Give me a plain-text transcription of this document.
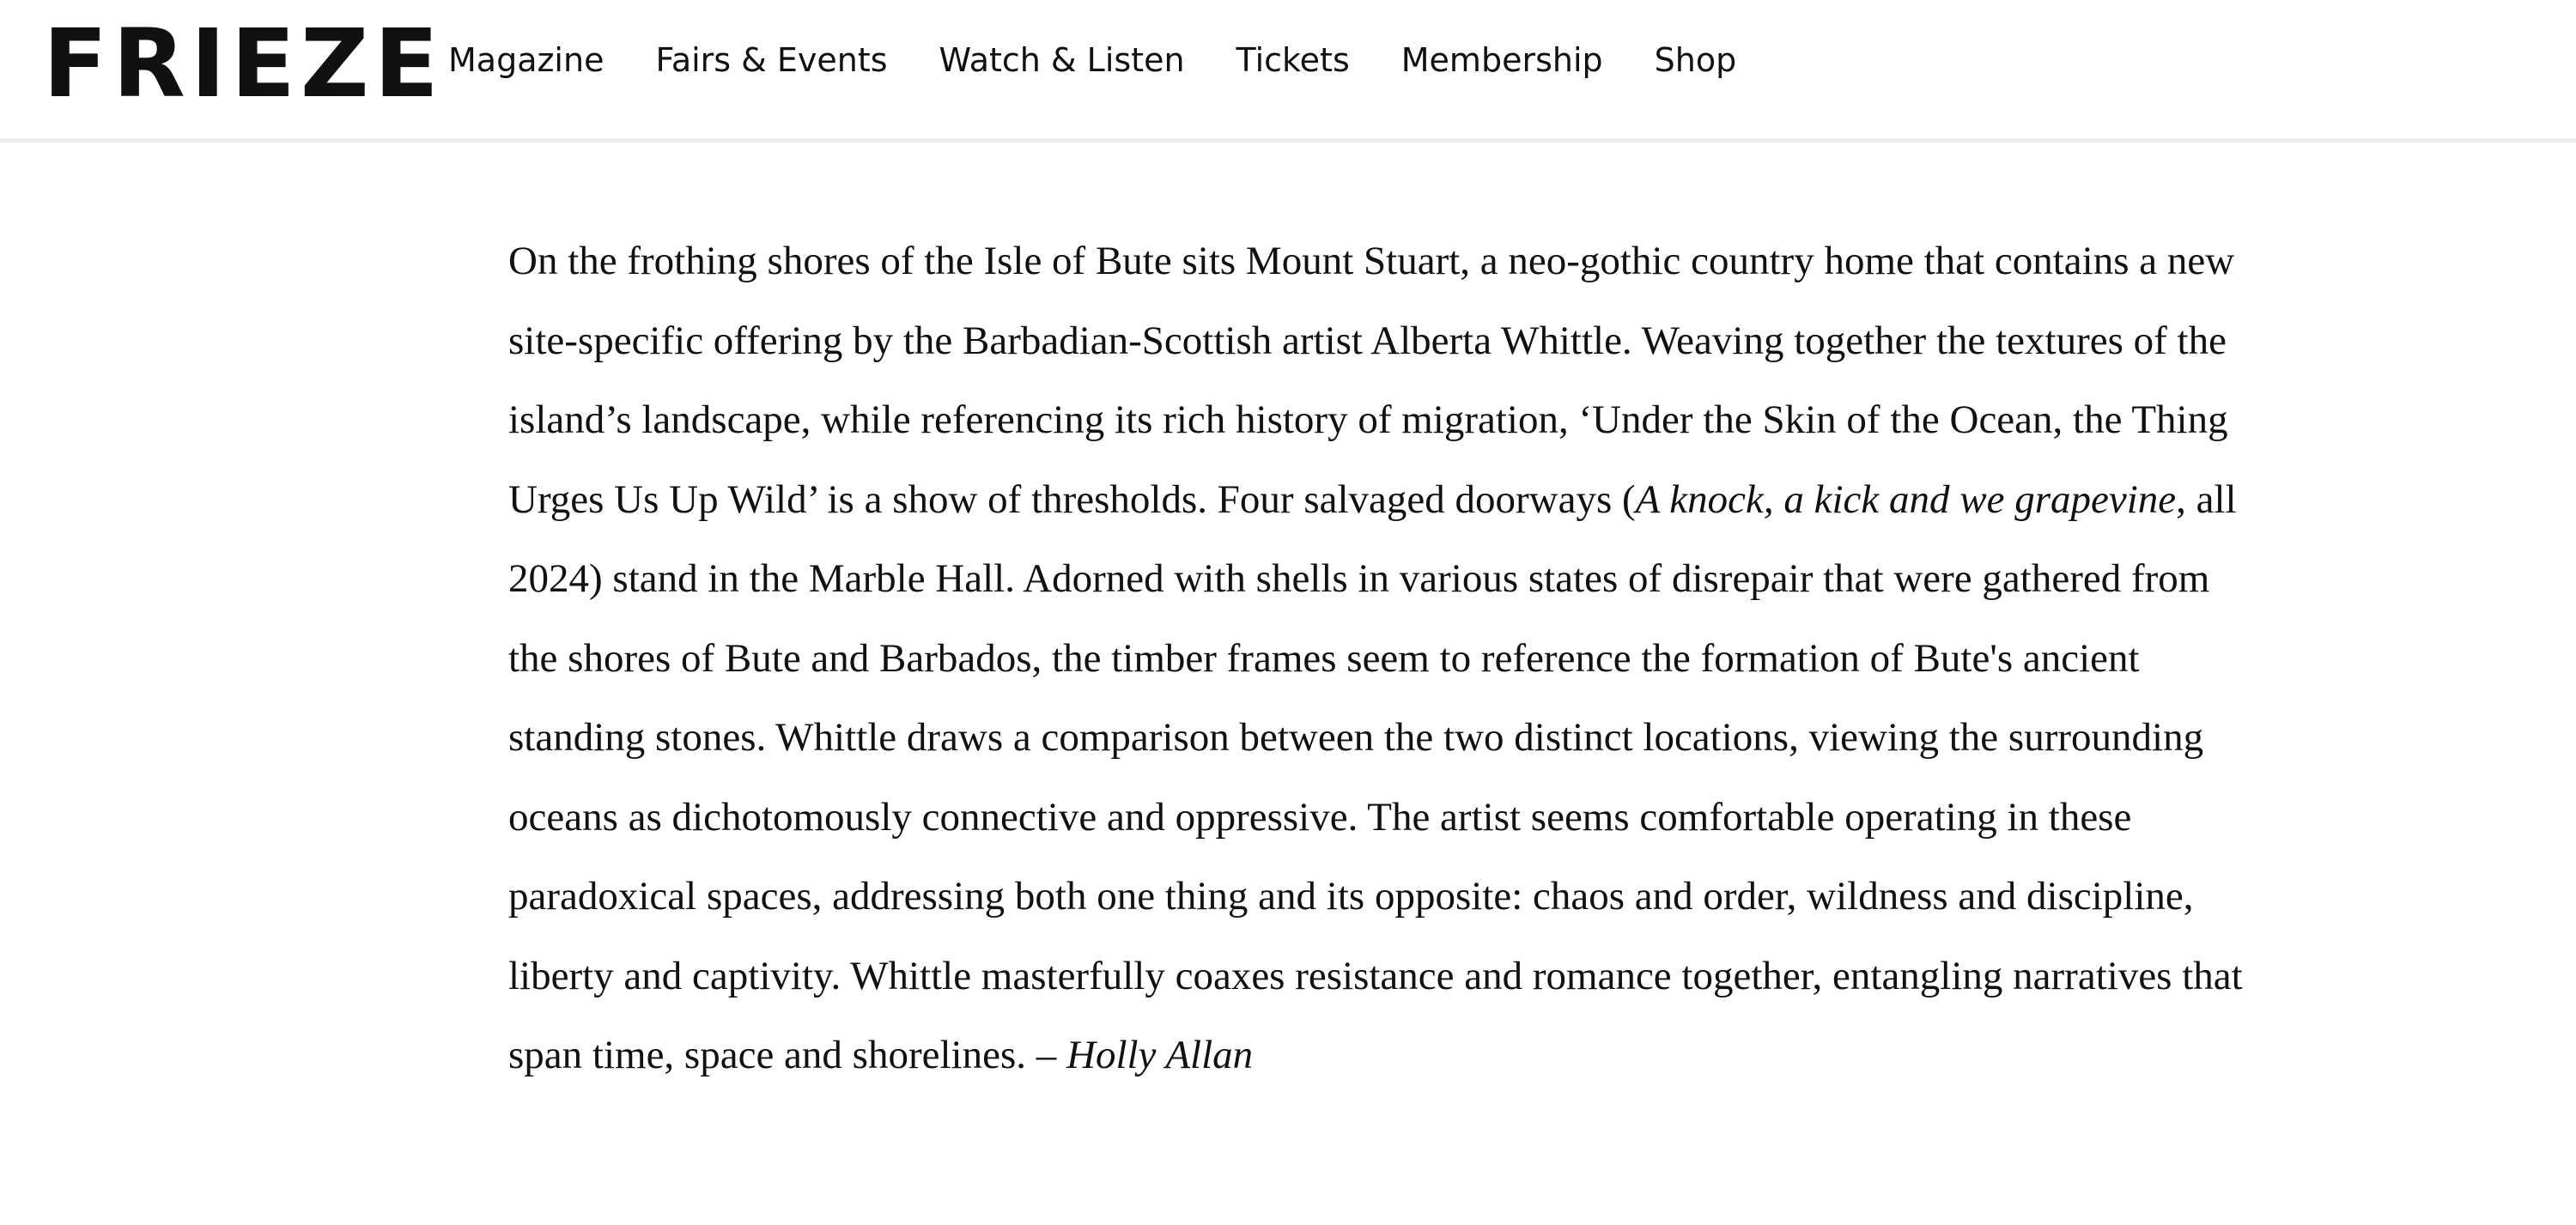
FRIEZE Magazine Fairs & Events Watch & Listen Tickets Membership Shop

On the frothing shores of the Isle of Bute sits Mount Stuart, a neo-gothic country home that contains a new site-specific offering by the Barbadian-Scottish artist Alberta Whittle. Weaving together the textures of the island’s landscape, while referencing its rich history of migration, ‘Under the Skin of the Ocean, the Thing Urges Us Up Wild’ is a show of thresholds. Four salvaged doorways (A knock, a kick and we grapevine, all 2024) stand in the Marble Hall. Adorned with shells in various states of disrepair that were gathered from the shores of Bute and Barbados, the timber frames seem to reference the formation of Bute's ancient standing stones. Whittle draws a comparison between the two distinct locations, viewing the surrounding oceans as dichotomously connective and oppressive. The artist seems comfortable operating in these paradoxical spaces, addressing both one thing and its opposite: chaos and order, wildness and discipline, liberty and captivity. Whittle masterfully coaxes resistance and romance together, entangling narratives that span time, space and shorelines. – Holly Allan
